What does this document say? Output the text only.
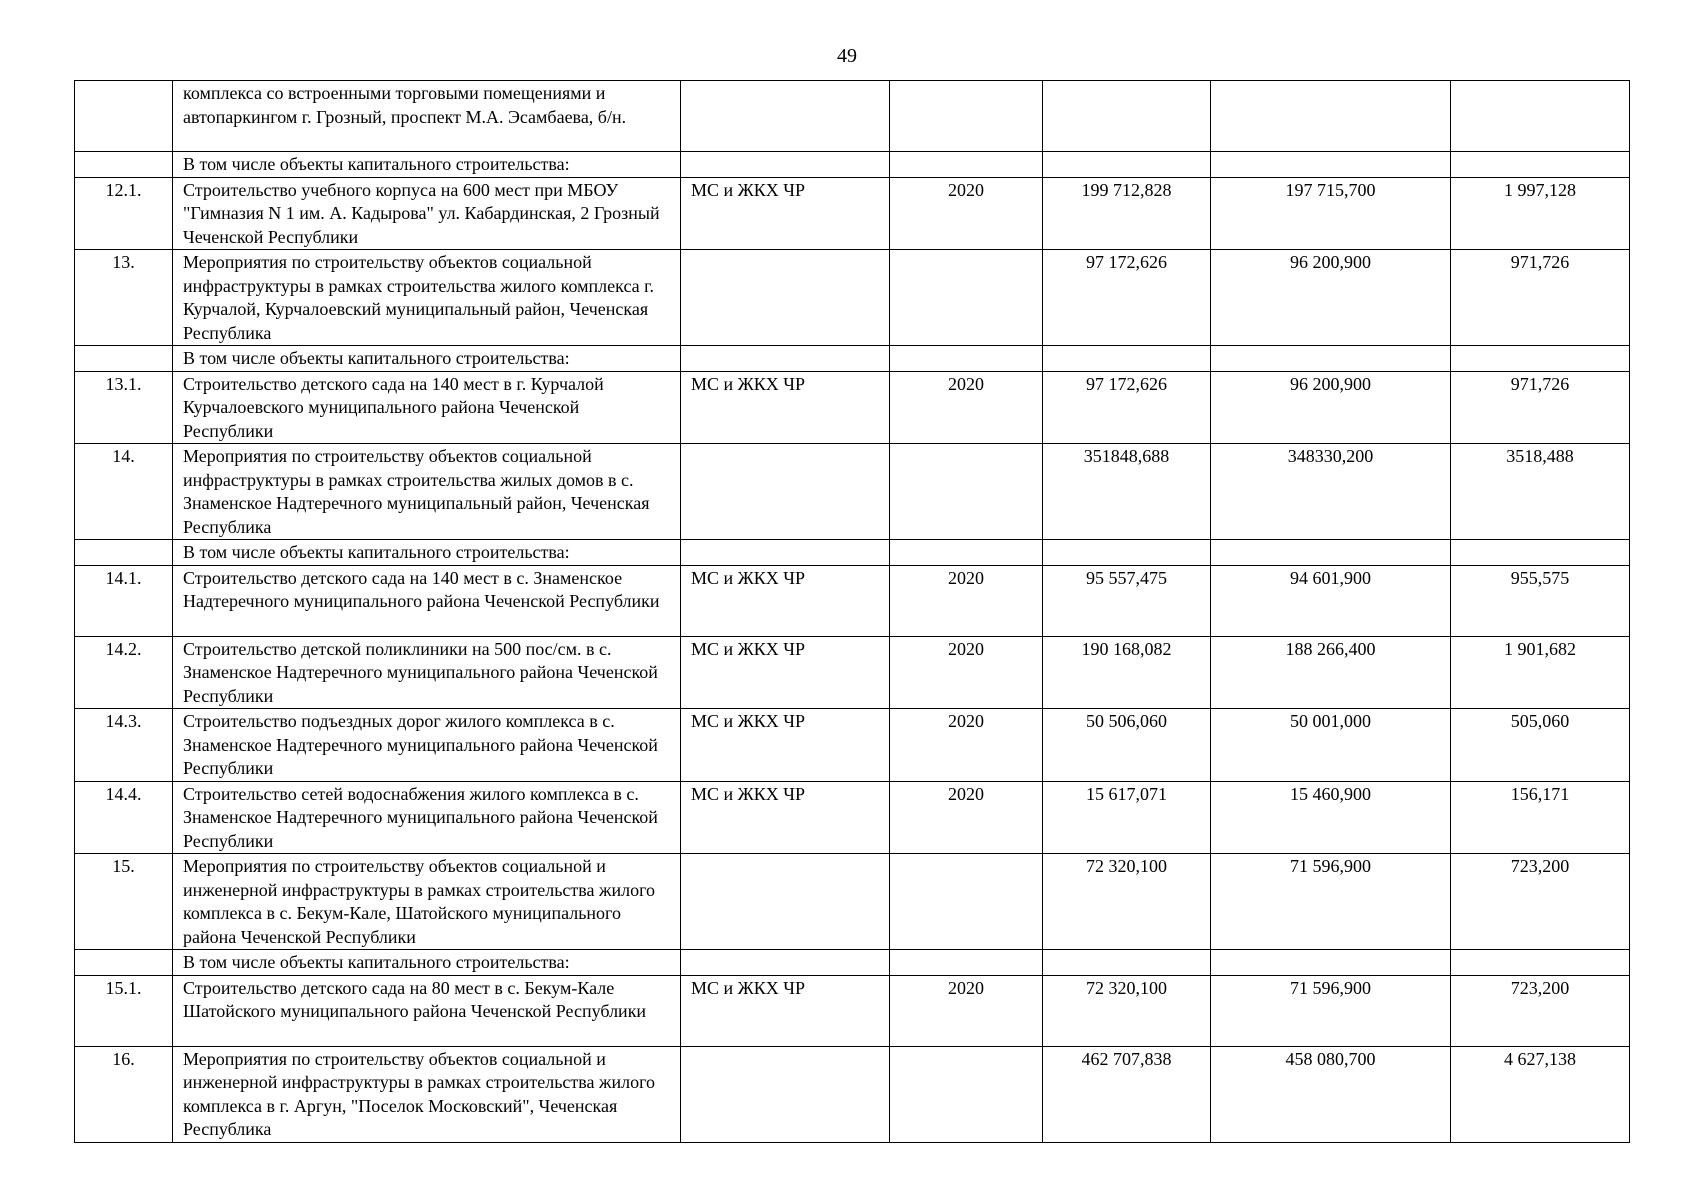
49
	комплекса со встроенными торговыми помещениями и автопаркингом г. Грозный, проспект М.А. Эсамбаева, б/н.					
	В том числе объекты капитального строительства:					
12.1.	Строительство учебного корпуса на 600 мест при МБОУ "Гимназия N 1 им. А. Кадырова" ул. Кабардинская, 2 Грозный Чеченской Республики	МС и ЖКХ ЧР	2020	199 712,828	197 715,700	1 997,128
13.	Мероприятия по строительству объектов социальной инфраструктуры в рамках строительства жилого комплекса г. Курчалой, Курчалоевский муниципальный район, Чеченская Республика			97 172,626	96 200,900	971,726
	В том числе объекты капитального строительства:					
13.1.	Строительство детского сада на 140 мест в г. Курчалой Курчалоевского муниципального района Чеченской Республики	МС и ЖКХ ЧР	2020	97 172,626	96 200,900	971,726
14.	Мероприятия по строительству объектов социальной инфраструктуры в рамках строительства жилых домов в с. Знаменское Надтеречного муниципальный район, Чеченская Республика			351848,688	348330,200	3518,488
	В том числе объекты капитального строительства:					
14.1.	Строительство детского сада на 140 мест в с. Знаменское Надтеречного муниципального района Чеченской Республики	МС и ЖКХ ЧР	2020	95 557,475	94 601,900	955,575
14.2.	Строительство детской поликлиники на 500 пос/см. в с. Знаменское Надтеречного муниципального района Чеченской Республики	МС и ЖКХ ЧР	2020	190 168,082	188 266,400	1 901,682
14.3.	Строительство подъездных дорог жилого комплекса в с. Знаменское Надтеречного муниципального района Чеченской Республики	МС и ЖКХ ЧР	2020	50 506,060	50 001,000	505,060
14.4.	Строительство сетей водоснабжения жилого комплекса в с. Знаменское Надтеречного муниципального района Чеченской Республики	МС и ЖКХ ЧР	2020	15 617,071	15 460,900	156,171
15.	Мероприятия по строительству объектов социальной и инженерной инфраструктуры в рамках строительства жилого комплекса в с. Бекум-Кале, Шатойского муниципального района Чеченской Республики			72 320,100	71 596,900	723,200
	В том числе объекты капитального строительства:					
15.1.	Строительство детского сада на 80 мест в с. Бекум-Кале Шатойского муниципального района Чеченской Республики	МС и ЖКХ ЧР	2020	72 320,100	71 596,900	723,200
16.	Мероприятия по строительству объектов социальной и инженерной инфраструктуры в рамках строительства жилого комплекса в г. Аргун, "Поселок Московский", Чеченская Республика			462 707,838	458 080,700	4 627,138
